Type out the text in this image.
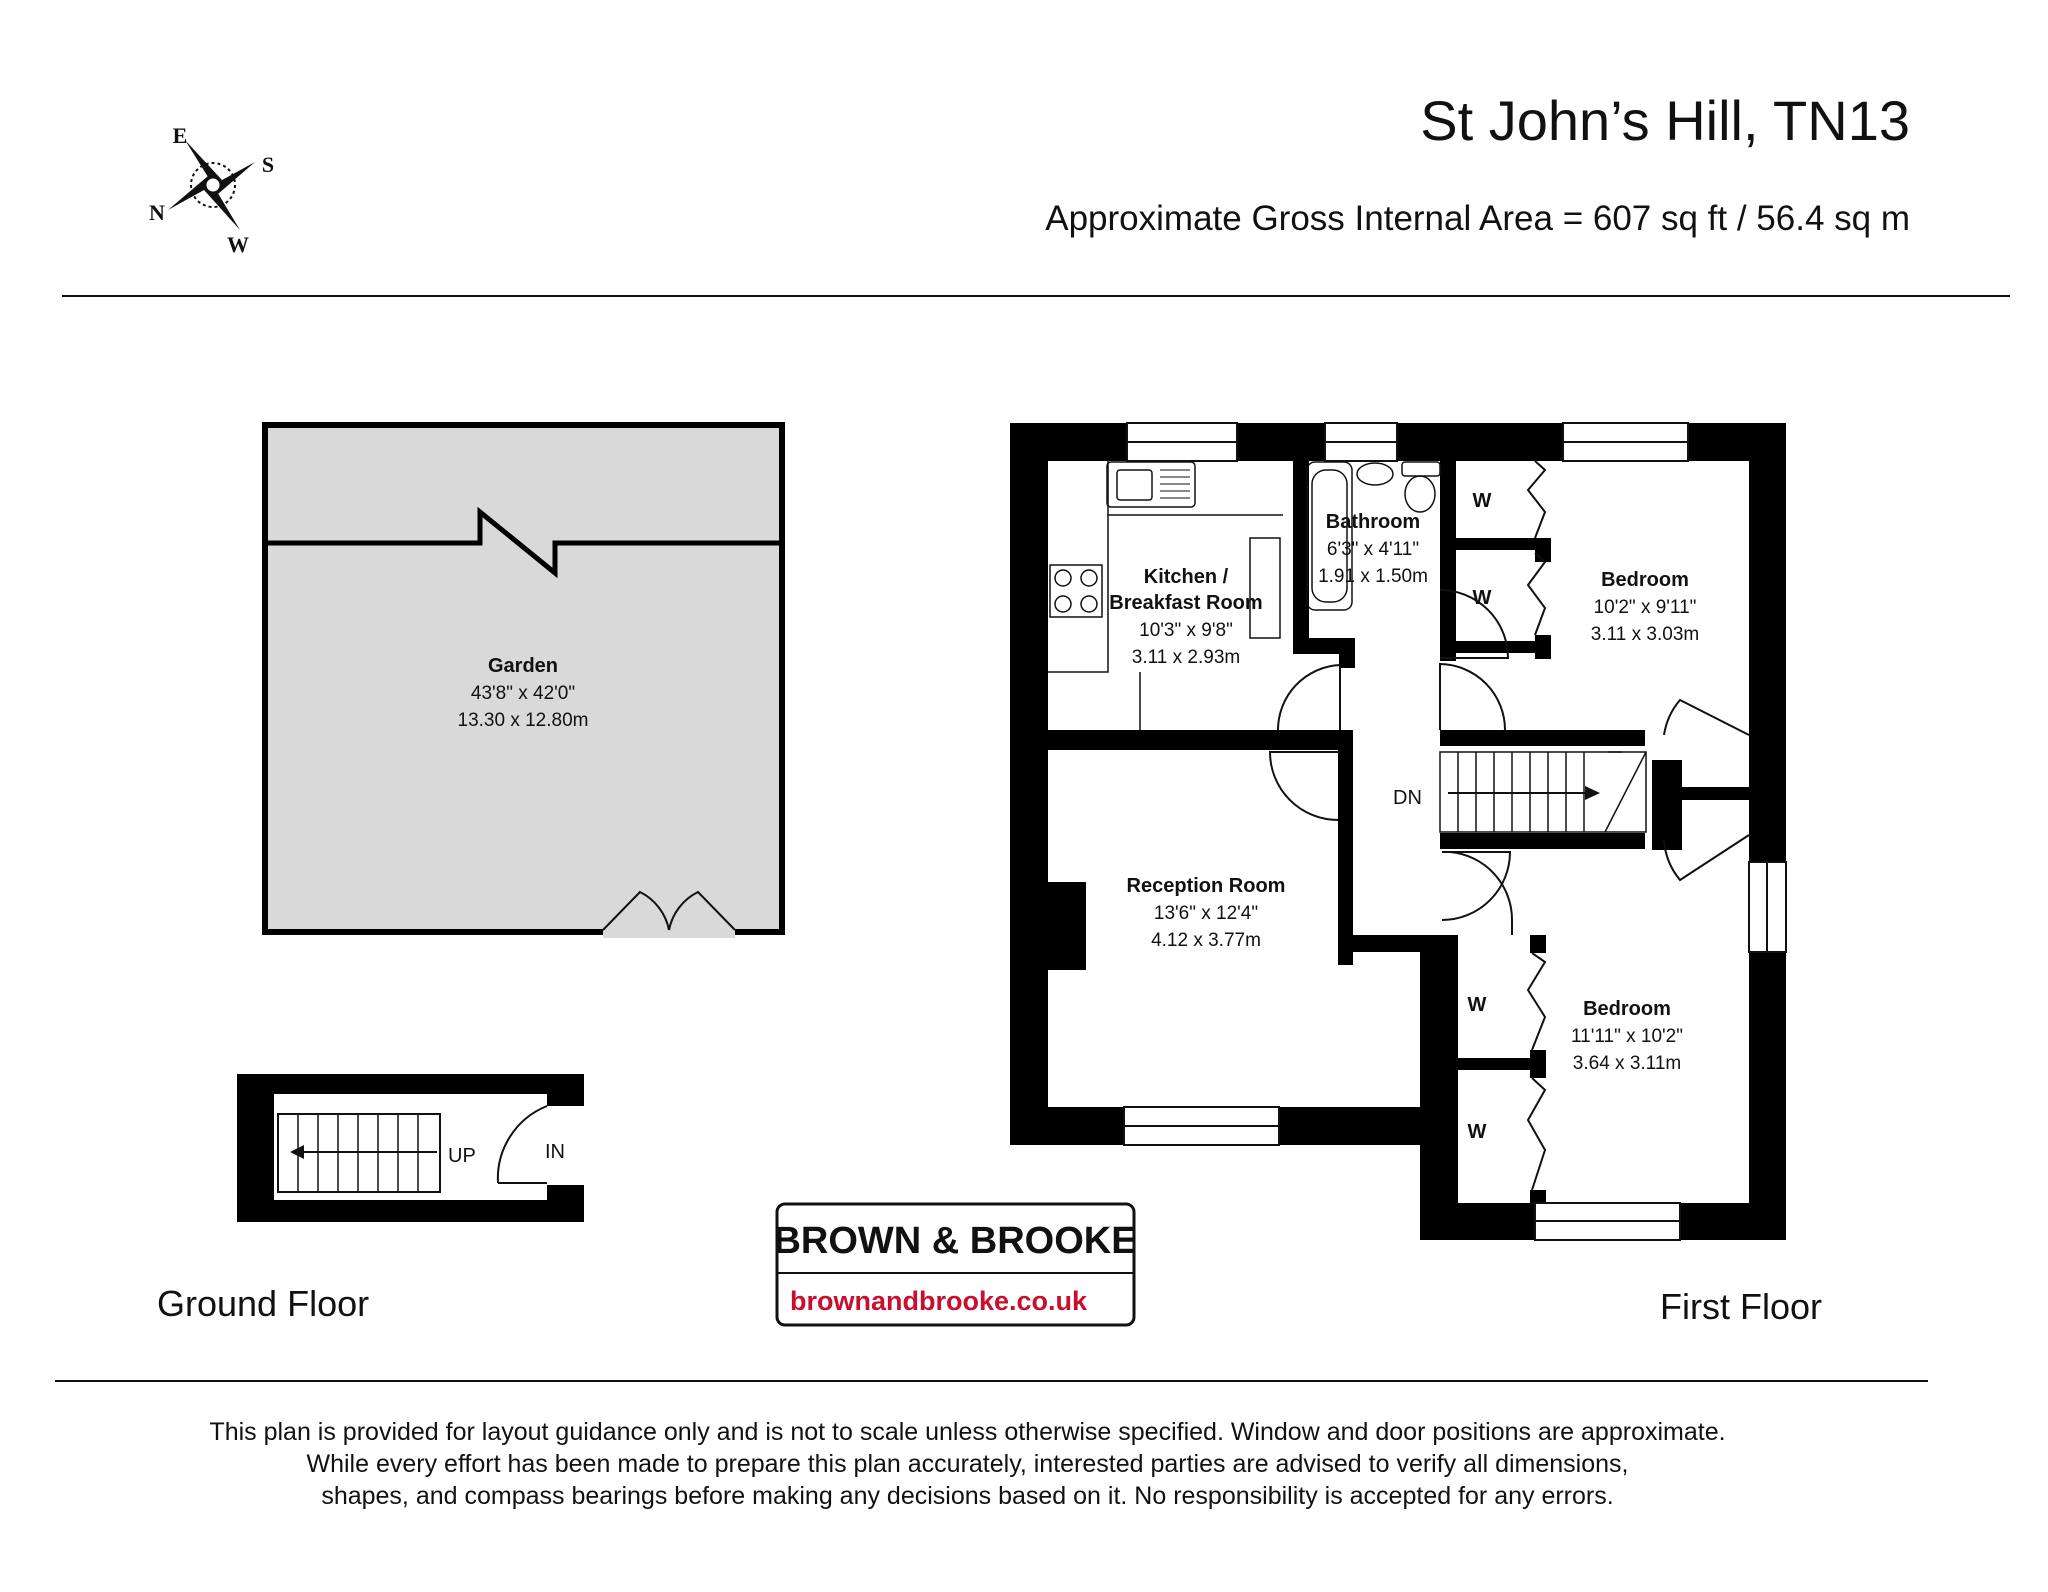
St John’s Hill, TN13
Approximate Gross Internal Area = 607 sq ft / 56.4 sq m
E
S
N
W
Garden
43'8" x 42'0"
13.30 x 12.80m
UP	IN
Ground Floor
Bathroom
6'3" x 4'11"
1.91 x 1.50m
Kitchen /
Breakfast Room
10'3" x 9'8"
3.11 x 2.93m
Bedroom
10'2" x 9'11"
3.11 x 3.03m
Reception Room
13'6" x 12'4"
4.12 x 3.77m
Bedroom
11'11" x 10'2"
3.64 x 3.11m
W
W
W
W
DN
First Floor
BROWN & BROOKE
brownandbrooke.co.uk
This plan is provided for layout guidance only and is not to scale unless otherwise specified. Window and door positions are approximate.
While every effort has been made to prepare this plan accurately, interested parties are advised to verify all dimensions,
shapes, and compass bearings before making any decisions based on it. No responsibility is accepted for any errors.
